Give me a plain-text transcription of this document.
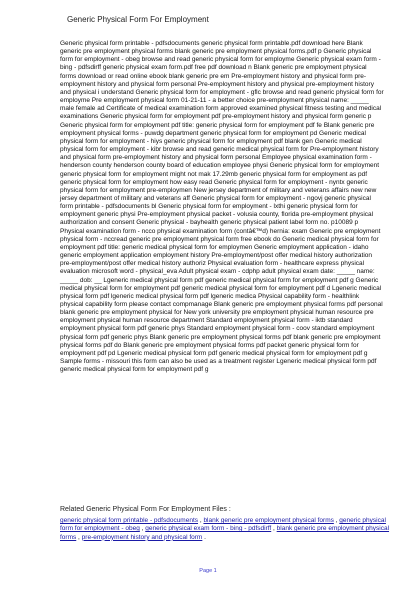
Generic Physical Form For Employment
Generic physical form printable - pdfsdocuments generic physical form printable.pdf download here Blank generic pre employment physical forms blank generic pre employment physical forms.pdf p Generic physical form for employment - obeg browse and read generic physical form for employme Generic physical exam form - bing - pdfsdirff generic physical exam form.pdf free pdf download n Blank generic pre employment physical forms download or read online ebook blank generic pre em Pre-employment history and physical form pre-employment history and physical form personal Pre-employment history and physical pre-employment history and physical i understand Generic physical form for employment - gflc browse and read generic physical form for employme Pre employment physical form 01-21-11 - a better choice pre-employment physical name: _____ male female ad Certificate of medical examination form approved examined physical fitness testing and medical examinations Generic physical form for employment pdf pre-employment history and physical form generic p Generic physical form for employment pdf title: generic physical form for employment pdf fe Blank generic pre employment physical forms - puwdg department generic physical form for employment pd Generic medical physical form for employment - hiys generic physical form for employment pdf blank gen Generic medical physical form for employment - kibr browse and read generic medical physical form for Pre-employment history and physical form pre-employment history and physical form personal Employee physical examination form - henderson county henderson county board of education employee physi Generic physical form for employment generic physical form for employment might not mak 17.29mb generic physical form for employment as pdf generic physical form for employment how easy read Generic physical form for employment - nyntx generic physical form for employment pre-employmen New jersey department of military and veterans affairs new new jersey department of military and veterans aff Generic physical form for employment - ngovj generic physical form printable - pdfsdocuments bl Generic physical form for employment - lxthi generic physical form for employment generic physi Pre-employment physical packet - volusia county, florida pre-employment physical authorization and consent Generic physical - bayhealth generic physical patient label form no. p10089 p Physical examination form - ncco physical examination form (contâ€™d) hernia: exam Generic pre employment physical form - nccread generic pre employment physical form free ebook do Generic medical physical form for employment pdf title: generic medical physical form for employmen Generic employment application - idaho generic employment application employment history Pre-employment/post offer medical history authorization pre-employment/post offer medical history authoriz Physical evaluation form - healthcare express physical evaluation microsoft word - physical_eva Adult physical exam - cdphp adult physical exam date: _____ name: _____ dob: __ Lgeneric medical physical form pdf generic medical physical form for employment pdf g Generic medical physical form for employment pdf generic medical physical form for employment pdf d Lgeneric medical physical form pdf lgeneric medical physical form pdf lgeneric medica Physical capability form - healthlink physical capability form please contact compmanage Blank generic pre employment physical forms pdf personal blank generic pre employment physical for New york university pre employment physical human resource pre employment physical human resource department Standard employment physical form - iktb standard employment physical form pdf generic phys Standard employment physical form - coov standard employment physical form pdf generic phys Blank generic pre employment physical forms pdf blank generic pre employment physical forms pdf do Blank generic pre employment physical forms pdf packet generic physical form for employment pdf pd Lgeneric medical physical form pdf generic medical physical form for employment pdf g Sample forms - missouri this form can also be used as a treatment register Lgeneric medical physical form pdf generic medical physical form for employment pdf g
Related Generic Physical Form For Employment Files :
generic physical form printable - pdfsdocuments , blank generic pre employment physical forms , generic physical form for employment - obeg , generic physical exam form - bing - pdfsdirff , blank generic pre employment physical forms , pre-employment history and physical form .
Page 1
